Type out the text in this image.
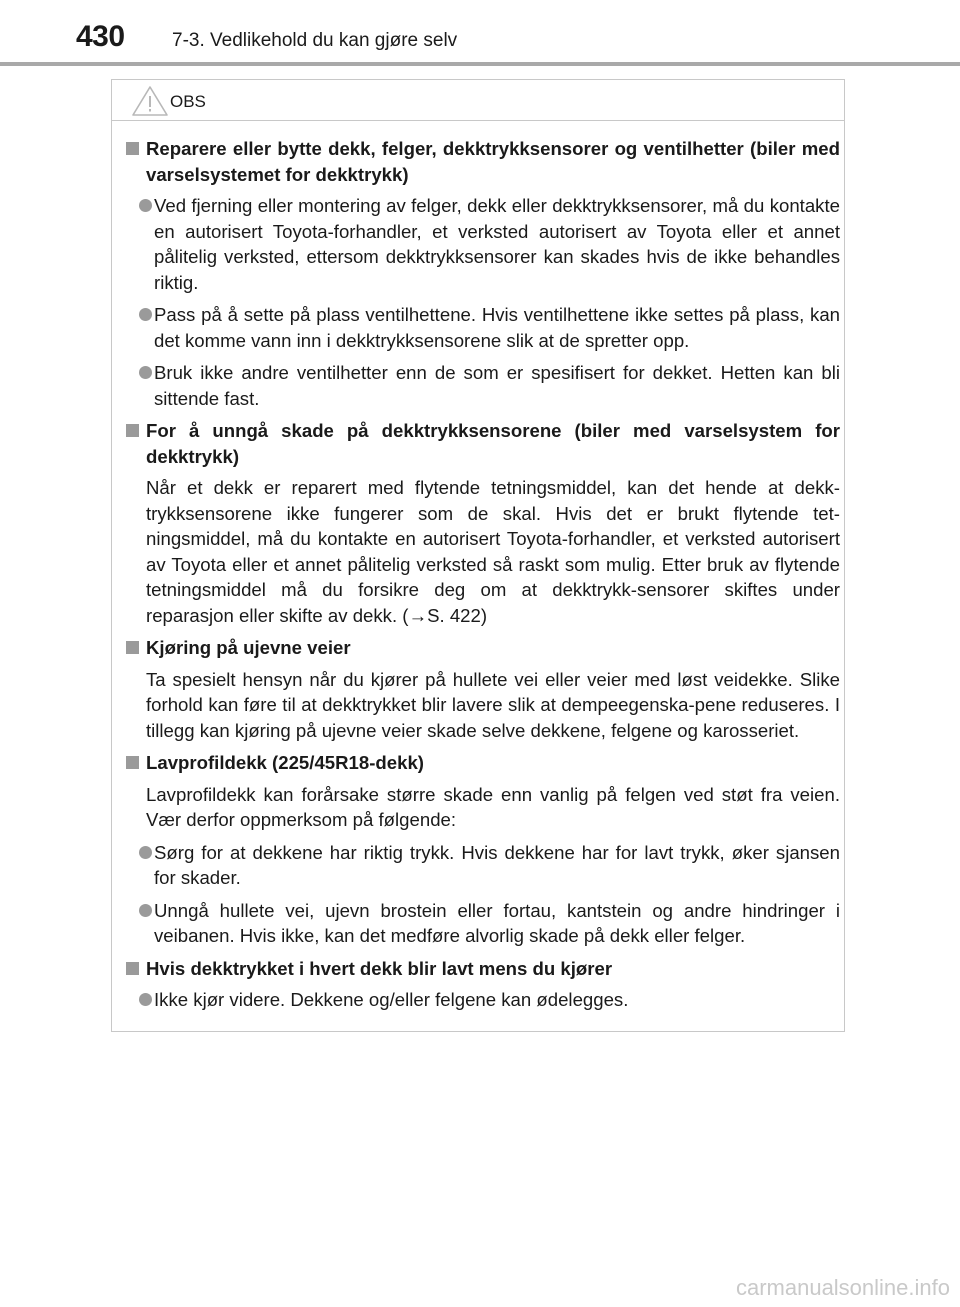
430 7-3. Vedlikehold du kan gjøre selv
OBS
Reparere eller bytte dekk, felger, dekktrykksensorer og ventilhetter (biler med varselsystemet for dekktrykk)
Ved fjerning eller montering av felger, dekk eller dekktrykksensorer, må du kontakte en autorisert Toyota-forhandler, et verksted autorisert av Toyota eller et annet pålitelig verksted, ettersom dekktrykksensorer kan skades hvis de ikke behandles riktig.
Pass på å sette på plass ventilhettene. Hvis ventilhettene ikke settes på plass, kan det komme vann inn i dekktrykksensorene slik at de spretter opp.
Bruk ikke andre ventilhetter enn de som er spesifisert for dekket. Hetten kan bli sittende fast.
For å unngå skade på dekktrykksensorene (biler med varselsystem for dekktrykk)
Når et dekk er reparert med flytende tetningsmiddel, kan det hende at dekk-trykksensorene ikke fungerer som de skal. Hvis det er brukt flytende tet-ningsmiddel, må du kontakte en autorisert Toyota-forhandler, et verksted autorisert av Toyota eller et annet pålitelig verksted så raskt som mulig. Etter bruk av flytende tetningsmiddel må du forsikre deg om at dekktrykk-sensorer skiftes under reparasjon eller skifte av dekk. (→S. 422)
Kjøring på ujevne veier
Ta spesielt hensyn når du kjører på hullete vei eller veier med løst veidekke. Slike forhold kan føre til at dekktrykket blir lavere slik at dempeegenska-pene reduseres. I tillegg kan kjøring på ujevne veier skade selve dekkene, felgene og karosseriet.
Lavprofildekk (225/45R18-dekk)
Lavprofildekk kan forårsake større skade enn vanlig på felgen ved støt fra veien. Vær derfor oppmerksom på følgende:
Sørg for at dekkene har riktig trykk. Hvis dekkene har for lavt trykk, øker sjansen for skader.
Unngå hullete vei, ujevn brostein eller fortau, kantstein og andre hindringer i veibanen. Hvis ikke, kan det medføre alvorlig skade på dekk eller felger.
Hvis dekktrykket i hvert dekk blir lavt mens du kjører
Ikke kjør videre. Dekkene og/eller felgene kan ødelegges.
carmanualsonline.info
